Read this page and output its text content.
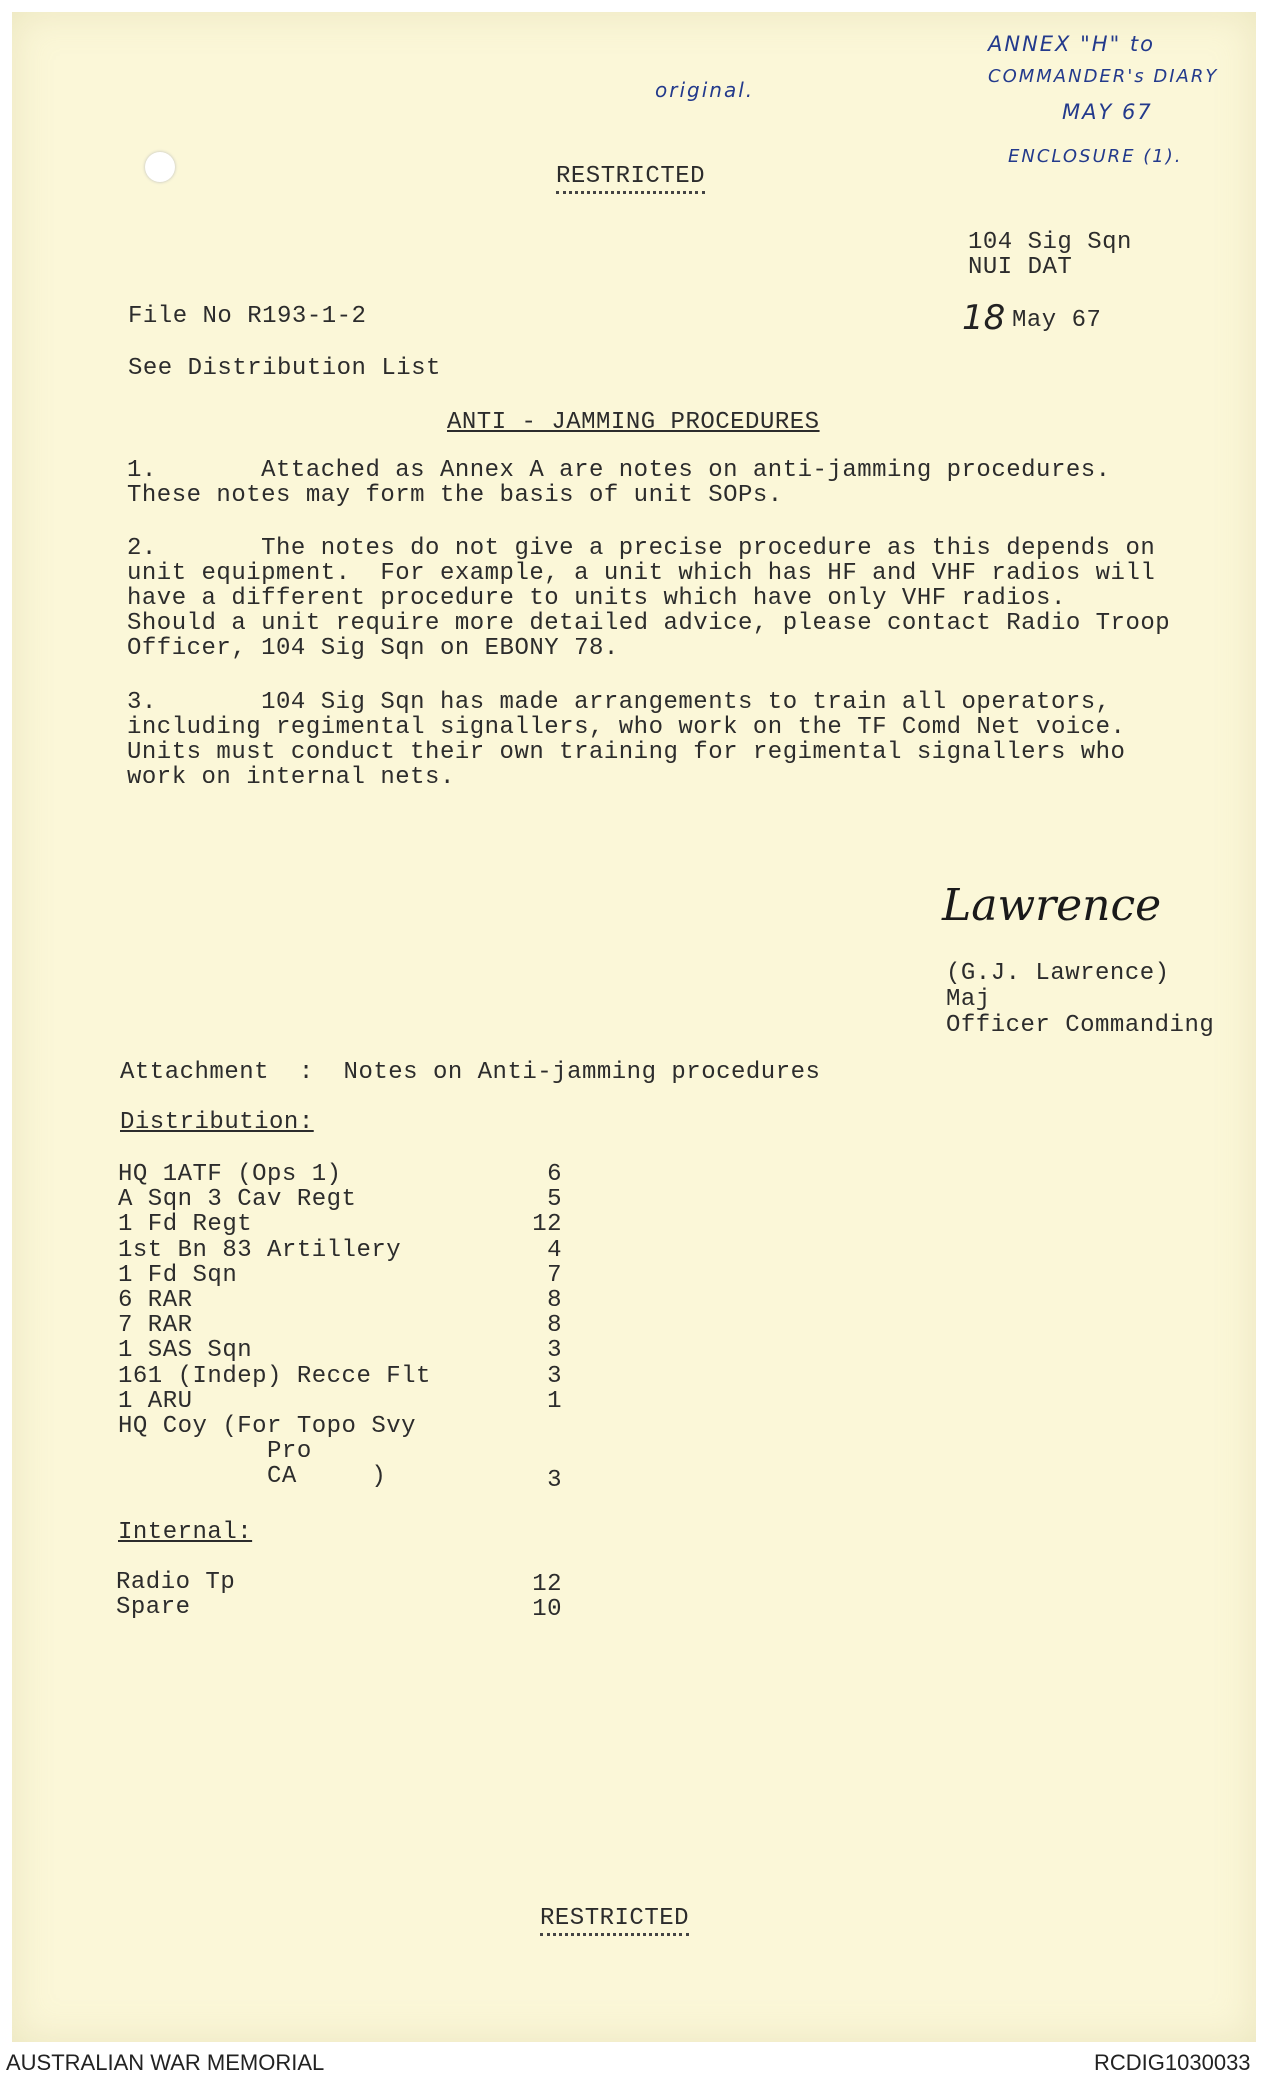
ANNEX "H" to
COMMANDER's DIARY
MAY 67
ENCLOSURE (1).
original.
RESTRICTED
104 Sig Sqn
NUI DAT
File No R193-1-2	18 May 67
See Distribution List
ANTI - JAMMING PROCEDURES
1.       Attached as Annex A are notes on anti-jamming procedures.
These notes may form the basis of unit SOPs.
2.       The notes do not give a precise procedure as this depends on
unit equipment.  For example, a unit which has HF and VHF radios will
have a different procedure to units which have only VHF radios.
Should a unit require more detailed advice, please contact Radio Troop
Officer, 104 Sig Sqn on EBONY 78.
3.       104 Sig Sqn has made arrangements to train all operators,
including regimental signallers, who work on the TF Comd Net voice.
Units must conduct their own training for regimental signallers who
work on internal nets.
Lawrence
(G.J. Lawrence)
Maj
Officer Commanding
Attachment  :  Notes on Anti-jamming procedures
Distribution:
HQ 1ATF (Ops 1)	6
A Sqn 3 Cav Regt	5
1 Fd Regt	12
1st Bn 83 Artillery	4
1 Fd Sqn	7
6 RAR	8
7 RAR	8
1 SAS Sqn	3
161 (Indep) Recce Flt	3
1 ARU	1
HQ Coy (For Topo Svy
Pro
CA     )	3
Internal:
Radio Tp	12
Spare	10
RESTRICTED
AUSTRALIAN WAR MEMORIAL	RCDIG1030033
